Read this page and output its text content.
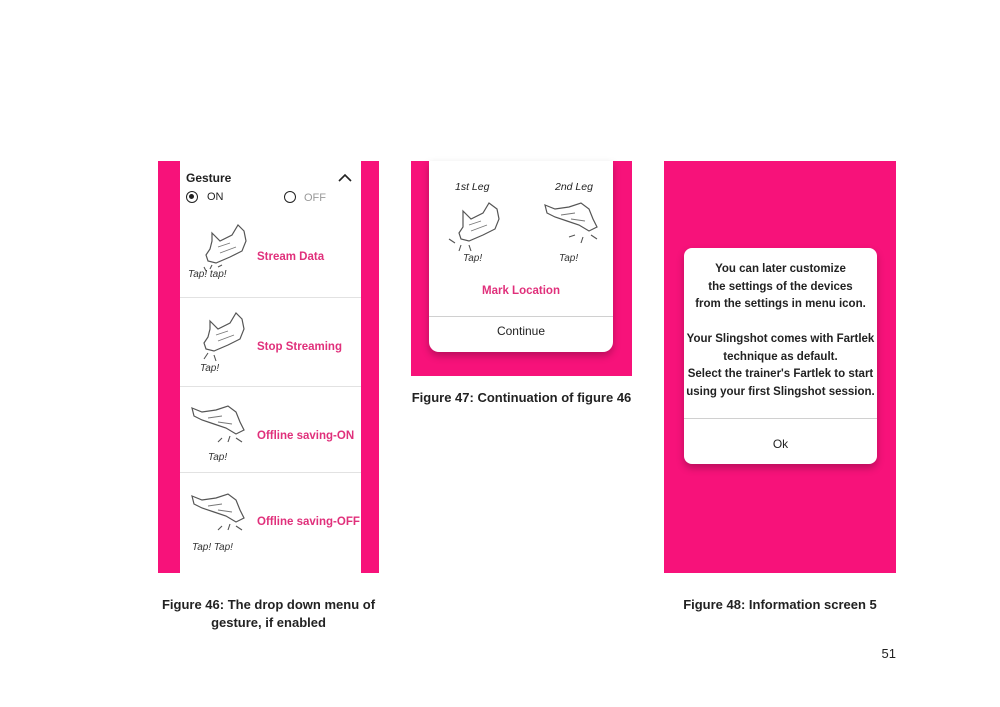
Gesture
ON	OFF
Tap! tap!
Stream Data
Tap!
Stop Streaming
Tap!
Offline saving-ON
Tap! Tap!
Offline saving-OFF
Figure 46: The drop down menu of
gesture, if enabled
1st Leg	2nd Leg
Tap!	Tap!
Mark Location
Continue
Figure 47: Continuation of figure 46
You can later customize
the settings of the devices
from the settings in menu icon.
Your Slingshot comes with Fartlek
technique as default.
Select the trainer's Fartlek to start
using your first Slingshot session.
Ok
Figure 48: Information screen 5
51
